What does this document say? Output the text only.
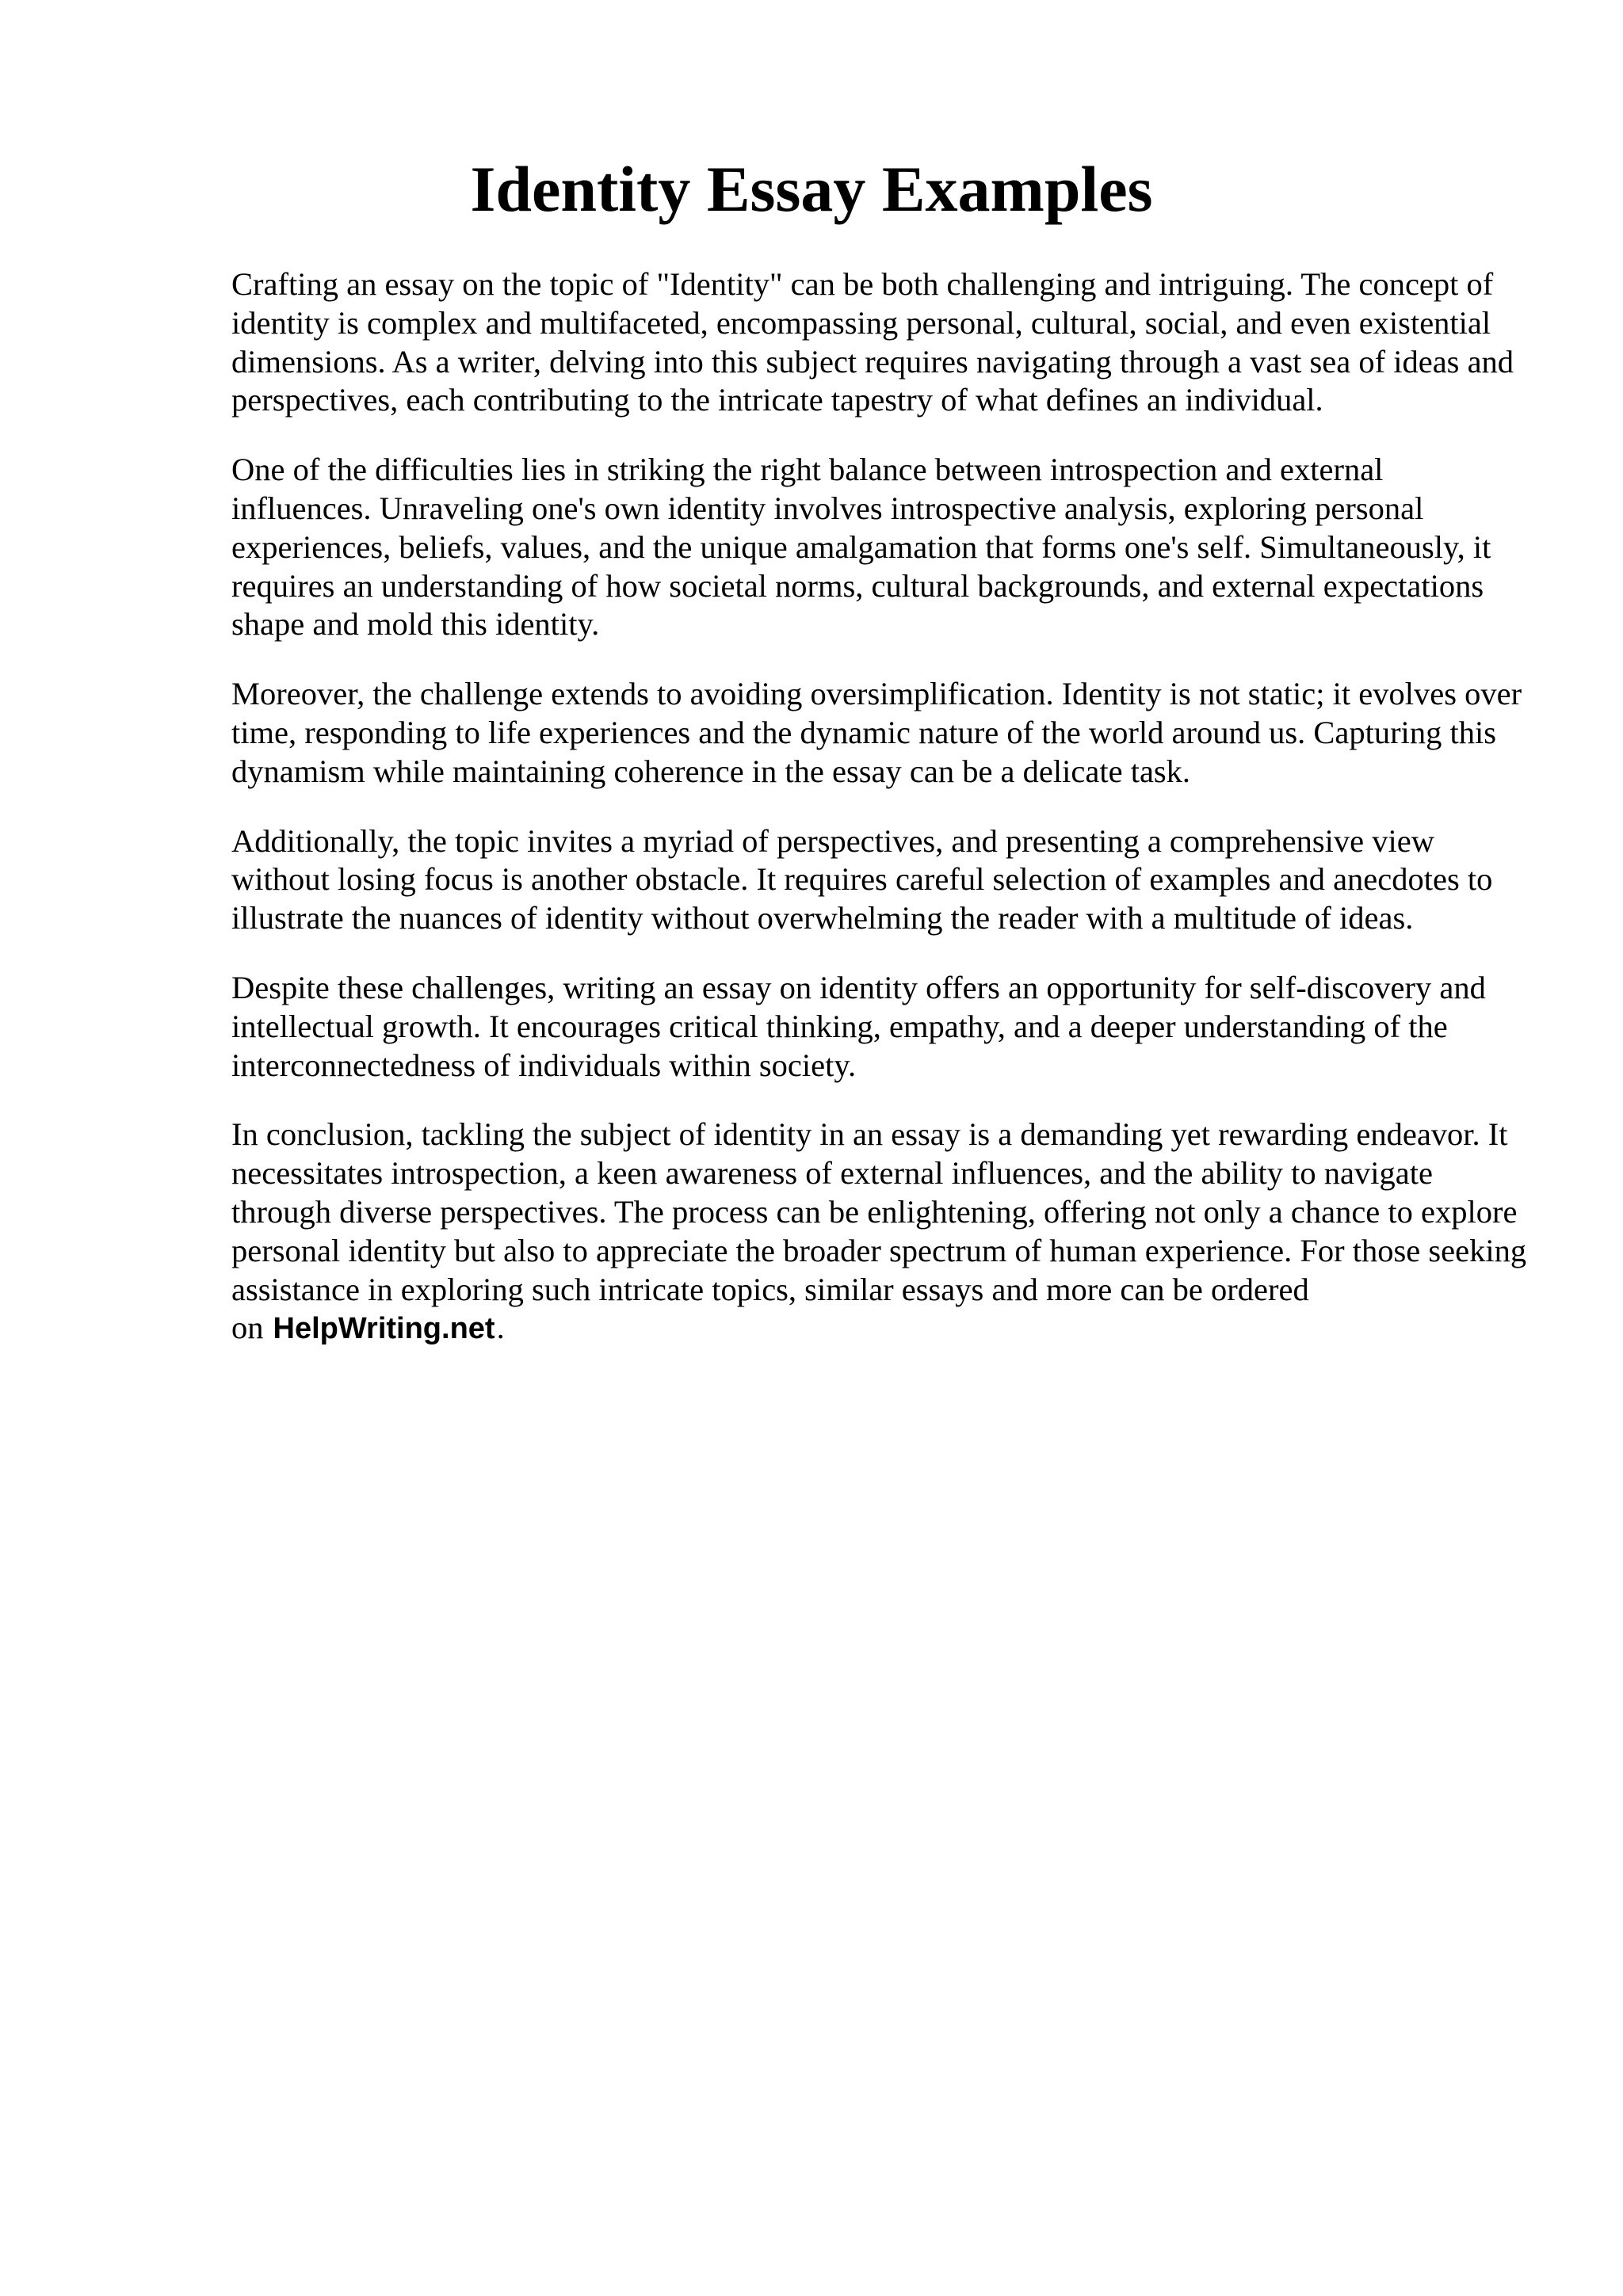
Identity Essay Examples

Crafting an essay on the topic of "Identity" can be both challenging and intriguing. The concept of identity is complex and multifaceted, encompassing personal, cultural, social, and even existential dimensions. As a writer, delving into this subject requires navigating through a vast sea of ideas and perspectives, each contributing to the intricate tapestry of what defines an individual.

One of the difficulties lies in striking the right balance between introspection and external influences. Unraveling one's own identity involves introspective analysis, exploring personal experiences, beliefs, values, and the unique amalgamation that forms one's self. Simultaneously, it requires an understanding of how societal norms, cultural backgrounds, and external expectations shape and mold this identity.

Moreover, the challenge extends to avoiding oversimplification. Identity is not static; it evolves over time, responding to life experiences and the dynamic nature of the world around us. Capturing this dynamism while maintaining coherence in the essay can be a delicate task.

Additionally, the topic invites a myriad of perspectives, and presenting a comprehensive view without losing focus is another obstacle. It requires careful selection of examples and anecdotes to illustrate the nuances of identity without overwhelming the reader with a multitude of ideas.

Despite these challenges, writing an essay on identity offers an opportunity for self-discovery and intellectual growth. It encourages critical thinking, empathy, and a deeper understanding of the interconnectedness of individuals within society.

In conclusion, tackling the subject of identity in an essay is a demanding yet rewarding endeavor. It necessitates introspection, a keen awareness of external influences, and the ability to navigate through diverse perspectives. The process can be enlightening, offering not only a chance to explore personal identity but also to appreciate the broader spectrum of human experience. For those seeking assistance in exploring such intricate topics, similar essays and more can be ordered on HelpWriting.net.
